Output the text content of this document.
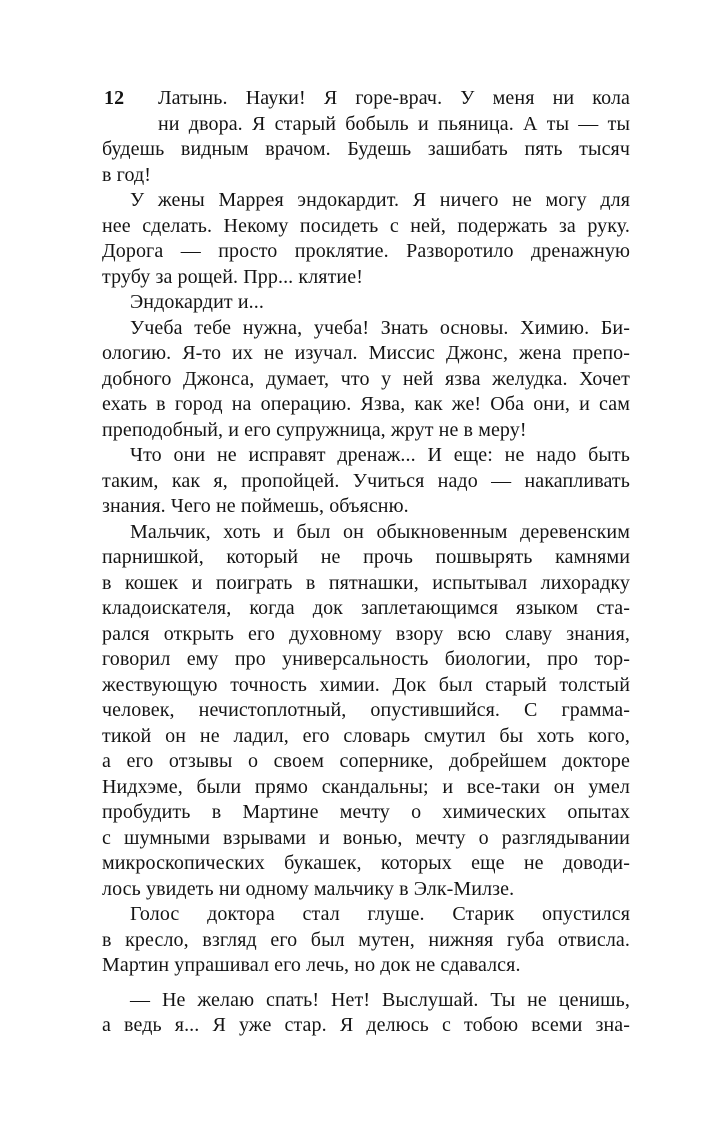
12	Латынь. Науки! Я горе-врач. У меня ни кола
ни двора. Я старый бобыль и пьяница. А ты — ты
будешь видным врачом. Будешь зашибать пять тысяч
в год!
У жены Маррея эндокардит. Я ничего не могу для
нее сделать. Некому посидеть с ней, подержать за руку.
Дорога — просто проклятие. Разворотило дренажную
трубу за рощей. Прр... клятие!
Эндокардит и...
Учеба тебе нужна, учеба! Знать основы. Химию. Би-
ологию. Я-то их не изучал. Миссис Джонс, жена препо-
добного Джонса, думает, что у ней язва желудка. Хочет
ехать в город на операцию. Язва, как же! Оба они, и сам
преподобный, и его супружница, жрут не в меру!
Что они не исправят дренаж... И еще: не надо быть
таким, как я, пропойцей. Учиться надо — накапливать
знания. Чего не поймешь, объясню.
Мальчик, хоть и был он обыкновенным деревенским
парнишкой, который не прочь пошвырять камнями
в кошек и поиграть в пятнашки, испытывал лихорадку
кладоискателя, когда док заплетающимся языком ста-
рался открыть его духовному взору всю славу знания,
говорил ему про универсальность биологии, про тор-
жествующую точность химии. Док был старый толстый
человек, нечистоплотный, опустившийся. С грамма-
тикой он не ладил, его словарь смутил бы хоть кого,
а его отзывы о своем сопернике, добрейшем докторе
Нидхэме, были прямо скандальны; и все-таки он умел
пробудить в Мартине мечту о химических опытах
с шумными взрывами и вонью, мечту о разглядывании
микроскопических букашек, которых еще не доводи-
лось увидеть ни одному мальчику в Элк-Милзе.
Голос доктора стал глуше. Старик опустился
в кресло, взгляд его был мутен, нижняя губа отвисла.
Мартин упрашивал его лечь, но док не сдавался.
— Не желаю спать! Нет! Выслушай. Ты не ценишь,
а ведь я... Я уже стар. Я делюсь с тобою всеми зна-
